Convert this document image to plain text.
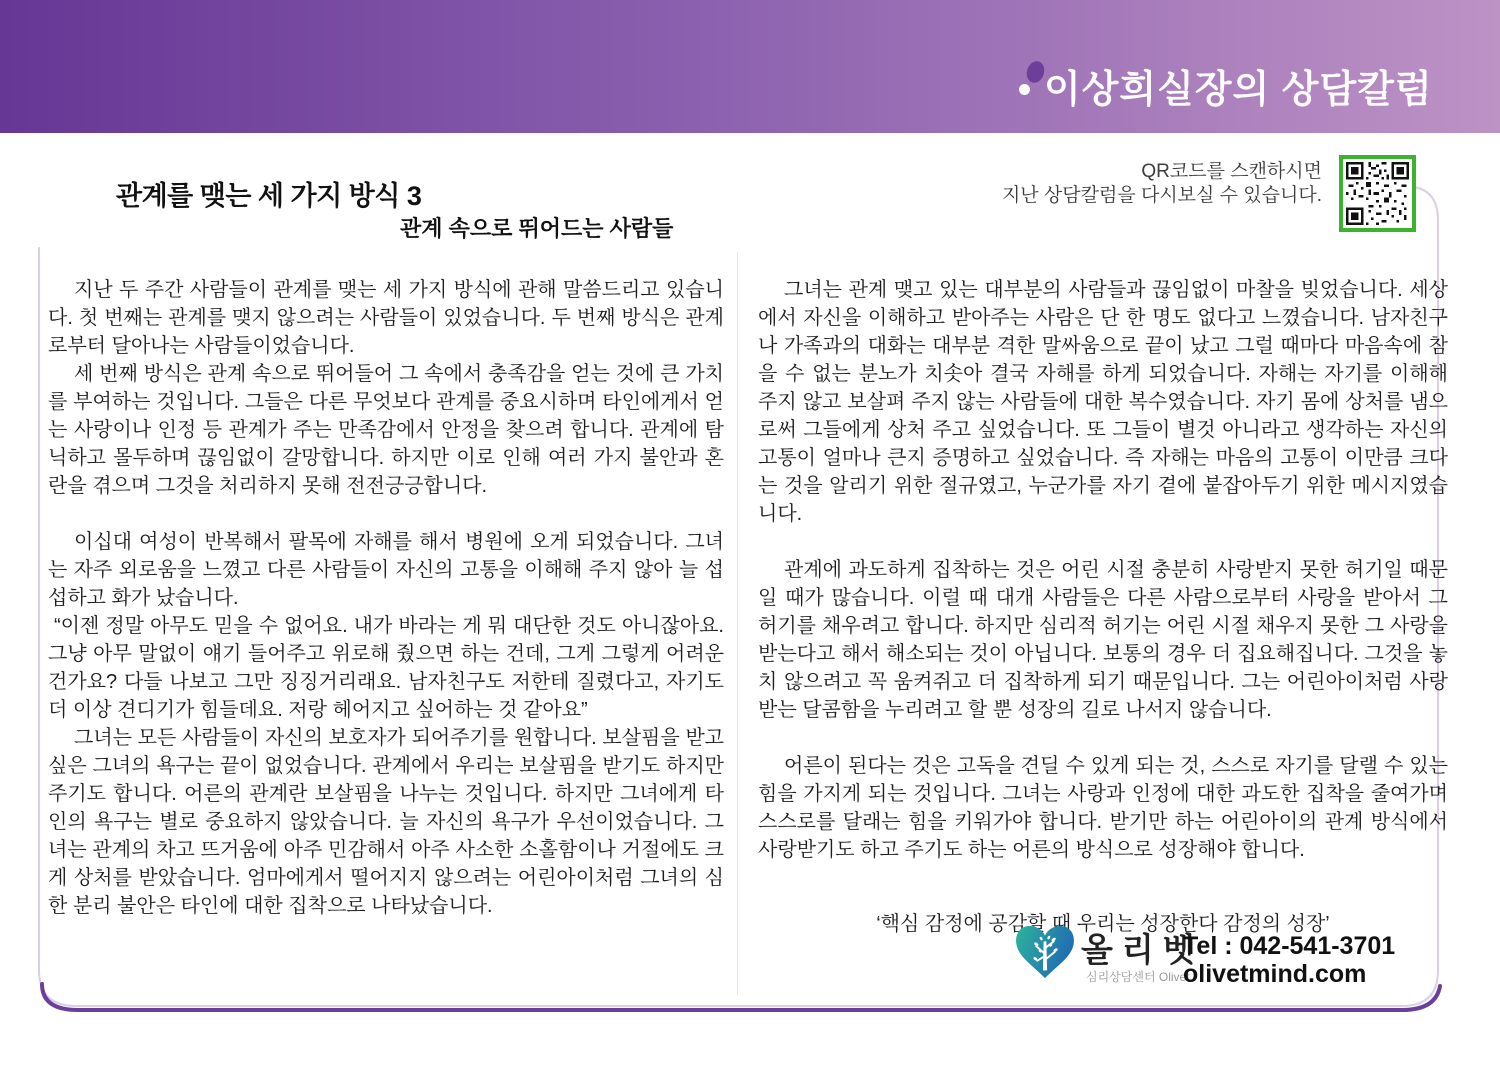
이상희실장의 상담칼럼
QR코드를 스캔하시면
지난 상담칼럼을 다시보실 수 있습니다.
관계를 맺는 세 가지 방식 3
관계 속으로 뛰어드는 사람들

지난 두 주간 사람들이 관계를 맺는 세 가지 방식에 관해 말씀드리고 있습니다. 첫 번째는 관계를 맺지 않으려는 사람들이 있었습니다. 두 번째 방식은 관계로부터 달아나는 사람들이었습니다.

세 번째 방식은 관계 속으로 뛰어들어 그 속에서 충족감을 얻는 것에 큰 가치를 부여하는 것입니다. 그들은 다른 무엇보다 관계를 중요시하며 타인에게서 얻는 사랑이나 인정 등 관계가 주는 만족감에서 안정을 찾으려 합니다. 관계에 탐닉하고 몰두하며 끊임없이 갈망합니다. 하지만 이로 인해 여러 가지 불안과 혼란을 겪으며 그것을 처리하지 못해 전전긍긍합니다.

이십대 여성이 반복해서 팔목에 자해를 해서 병원에 오게 되었습니다. 그녀는 자주 외로움을 느꼈고 다른 사람들이 자신의 고통을 이해해 주지 않아 늘 섭섭하고 화가 났습니다.

“이젠 정말 아무도 믿을 수 없어요. 내가 바라는 게 뭐 대단한 것도 아니잖아요. 그냥 아무 말없이 얘기 들어주고 위로해 줬으면 하는 건데, 그게 그렇게 어려운 건가요? 다들 나보고 그만 징징거리래요. 남자친구도 저한테 질렸다고, 자기도 더 이상 견디기가 힘들데요. 저랑 헤어지고 싶어하는 것 같아요”

그녀는 모든 사람들이 자신의 보호자가 되어주기를 원합니다. 보살핌을 받고 싶은 그녀의 욕구는 끝이 없었습니다. 관계에서 우리는 보살핌을 받기도 하지만 주기도 합니다. 어른의 관계란 보살핌을 나누는 것입니다. 하지만 그녀에게 타인의 욕구는 별로 중요하지 않았습니다. 늘 자신의 욕구가 우선이었습니다. 그녀는 관계의 차고 뜨거움에 아주 민감해서 아주 사소한 소홀함이나 거절에도 크게 상처를 받았습니다. 엄마에게서 떨어지지 않으려는 어린아이처럼 그녀의 심한 분리 불안은 타인에 대한 집착으로 나타났습니다.

그녀는 관계 맺고 있는 대부분의 사람들과 끊임없이 마찰을 빚었습니다. 세상에서 자신을 이해하고 받아주는 사람은 단 한 명도 없다고 느꼈습니다. 남자친구나 가족과의 대화는 대부분 격한 말싸움으로 끝이 났고 그럴 때마다 마음속에 참을 수 없는 분노가 치솟아 결국 자해를 하게 되었습니다. 자해는 자기를 이해해 주지 않고 보살펴 주지 않는 사람들에 대한 복수였습니다. 자기 몸에 상처를 냄으로써 그들에게 상처 주고 싶었습니다. 또 그들이 별것 아니라고 생각하는 자신의 고통이 얼마나 큰지 증명하고 싶었습니다. 즉 자해는 마음의 고통이 이만큼 크다는 것을 알리기 위한 절규였고, 누군가를 자기 곁에 붙잡아두기 위한 메시지였습니다.

관계에 과도하게 집착하는 것은 어린 시절 충분히 사랑받지 못한 허기일 때문일 때가 많습니다. 이럴 때 대개 사람들은 다른 사람으로부터 사랑을 받아서 그 허기를 채우려고 합니다. 하지만 심리적 허기는 어린 시절 채우지 못한 그 사랑을 받는다고 해서 해소되는 것이 아닙니다. 보통의 경우 더 집요해집니다. 그것을 놓치 않으려고 꼭 움켜쥐고 더 집착하게 되기 때문입니다. 그는 어린아이처럼 사랑받는 달콤함을 누리려고 할 뿐 성장의 길로 나서지 않습니다.

어른이 된다는 것은 고독을 견딜 수 있게 되는 것, 스스로 자기를 달랠 수 있는 힘을 가지게 되는 것입니다. 그녀는 사랑과 인정에 대한 과도한 집착을 줄여가며 스스로를 달래는 힘을 키워가야 합니다. 받기만 하는 어린아이의 관계 방식에서 사랑받기도 하고 주기도 하는 어른의 방식으로 성장해야 합니다.

‘핵심 감정에 공감할 때 우리는 성장한다 감정의 성장’

올리벳
심리상담센터 Olivet
Tel : 042-541-3701
olivetmind.com
